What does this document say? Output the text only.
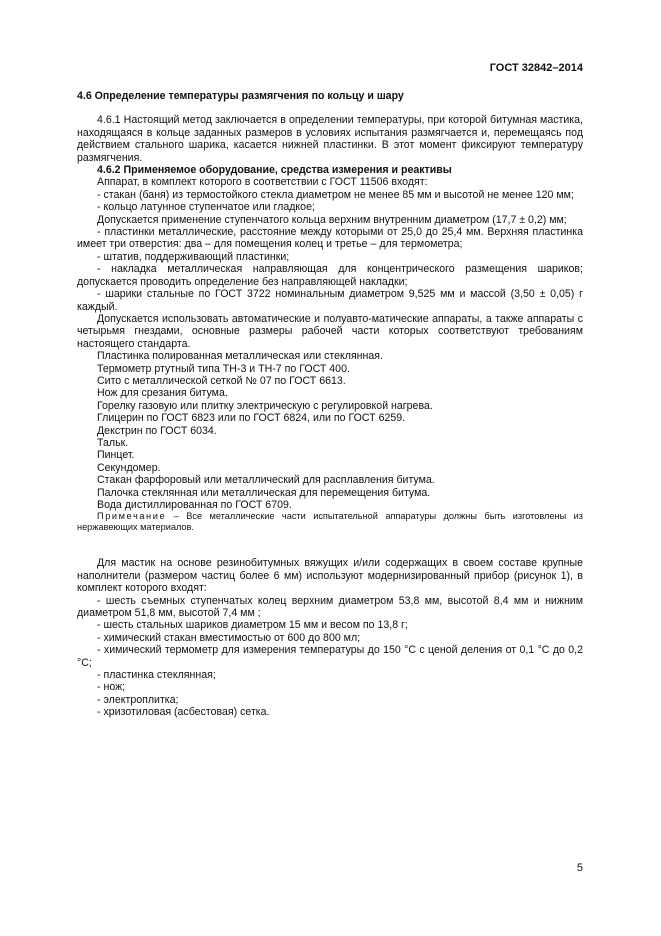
ГОСТ 32842–2014
4.6 Определение температуры размягчения по кольцу и шару

4.6.1 Настоящий метод заключается в определении температуры, при которой битумная мастика, находящаяся в кольце заданных размеров в условиях испытания размягчается и, перемещаясь под действием стального шарика, касается нижней пластинки. В этот момент фиксируют температуру размягчения.

4.6.2 Применяемое оборудование, средства измерения и реактивы

Аппарат, в комплект которого в соответствии с ГОСТ 11506 входят:

- стакан (баня) из термостойкого стекла диаметром не менее 85 мм и высотой не менее 120 мм;

- кольцо латунное ступенчатое или гладкое;

Допускается применение ступенчатого кольца верхним внутренним диаметром (17,7 ± 0,2) мм;

- пластинки металлические, расстояние между которыми от 25,0 до 25,4 мм. Верхняя пластинка имеет три отверстия: два – для помещения колец и третье – для термометра;

- штатив, поддерживающий пластинки;

- накладка металлическая направляющая для концентрического размещения шариков; допускается проводить определение без направляющей накладки;

- шарики стальные по ГОСТ 3722 номинальным диаметром 9,525 мм и массой (3,50 ± 0,05) г каждый.

Допускается использовать автоматические и полуавто-матические аппараты, а также аппараты с четырьмя гнездами, основные размеры рабочей части которых соответствуют требованиям настоящего стандарта.

Пластинка полированная металлическая или стеклянная.

Термометр ртутный типа ТН-3 и ТН-7 по ГОСТ 400.

Сито с металлической сеткой № 07 по ГОСТ 6613.

Нож для срезания битума.

Горелку газовую или плитку электрическую с регулировкой нагрева.

Глицерин по ГОСТ 6823 или по ГОСТ 6824, или по ГОСТ 6259.

Декстрин по ГОСТ 6034.

Тальк.

Пинцет.

Секундомер.

Стакан фарфоровый или металлический для расплавления битума.

Палочка стеклянная или металлическая для перемещения битума.

Вода дистиллированная по ГОСТ 6709.

Примечание – Все металлические части испытательной аппаратуры должны быть изготовлены из нержавеющих материалов.

Для мастик на основе резинобитумных вяжущих и/или содержащих в своем составе крупные наполнители (размером частиц более 6 мм) используют модернизированный прибор (рисунок 1), в комплект которого входят:

- шесть съемных ступенчатых колец верхним диаметром 53,8 мм, высотой 8,4 мм и нижним диаметром 51,8 мм, высотой 7,4 мм ;

- шесть стальных шариков диаметром 15 мм и весом по 13,8 г;

- химический стакан вместимостью от 600 до 800 мл;

- химический термометр для измерения температуры до 150 °С с ценой деления от 0,1 °С до 0,2 °С;

- пластинка стеклянная;

- нож;

- электроплитка;

- хризотиловая (асбестовая) сетка.

5
